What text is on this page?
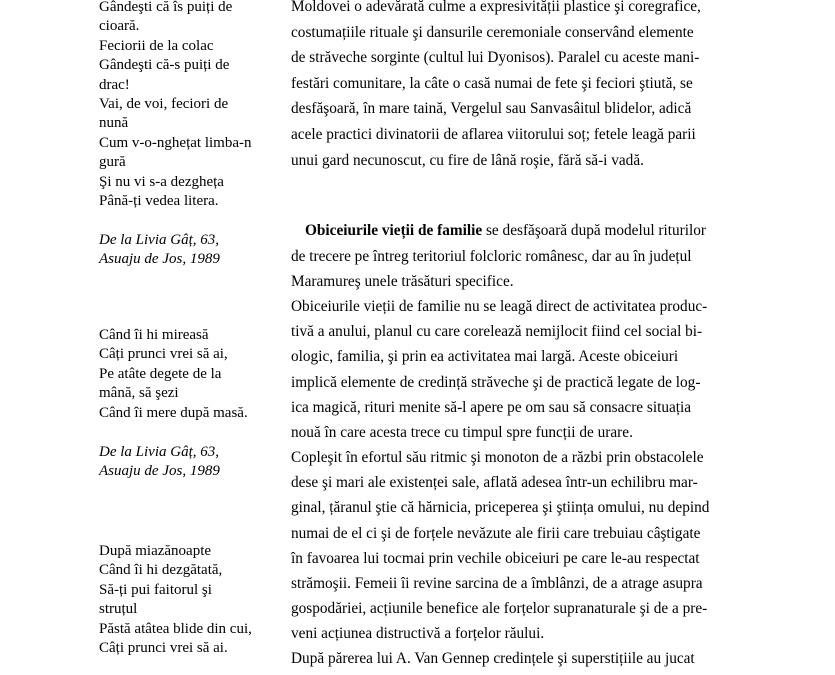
Gândeşti că îs puiți de
cioară.
Feciorii de la colac
Gândeşti că-s puiți de
drac!
Vai, de voi, feciori de
nună
Cum v-o-nghețat limba-n
gură
Şi nu vi s-a dezgheța
Până-ți vedea litera.
De la Livia Gâț, 63,
Asuaju de Jos, 1989
Când îi hi mireasă
Câți prunci vrei să ai,
Pe atâte degete de la
mână, să şezi
Când îi mere după masă.
De la Livia Gâț, 63,
Asuaju de Jos, 1989
După miazănoapte
Când îi hi dezgătată,
Să-ți pui faitorul şi
struțul
Păstă atâtea blide din cui,
Câți prunci vrei să ai.
Moldovei o adevărată culme a expresivității plastice şi coregrafice,
costumațiile rituale şi dansurile ceremoniale conservând elemente
de străveche sorginte (cultul lui Dyonisos). Paralel cu aceste mani-
festări comunitare, la câte o casă numai de fete şi feciori ştiută, se
desfăşoară, în mare taină, Vergelul sau Sanvasâitul blidelor, adică
acele practici divinatorii de aflarea viitorului soț; fetele leagă parii
unui gard necunoscut, cu fire de lână roşie, fără să-i vadă.
Obiceiurile vieții de familie se desfăşoară după modelul riturilor
de trecere pe întreg teritoriul folcloric românesc, dar au în județul
Maramureş unele trăsături specifice.
Obiceiurile vieții de familie nu se leagă direct de activitatea produc-
tivă a anului, planul cu care corelează nemijlocit fiind cel social bi-
ologic, familia, şi prin ea activitatea mai largă. Aceste obiceiuri
implică elemente de credință străveche şi de practică legate de log-
ica magică, rituri menite să-l apere pe om sau să consacre situația
nouă în care acesta trece cu timpul spre funcții de urare.
Copleşit în efortul său ritmic şi monoton de a răzbi prin obstacolele
dese şi mari ale existenței sale, aflată adesea într-un echilibru mar-
ginal, țăranul ştie că hărnicia, priceperea şi ştiința omului, nu depind
numai de el ci şi de forțele nevăzute ale firii care trebuiau câştigate
în favoarea lui tocmai prin vechile obiceiuri pe care le-au respectat
strămoşii. Femeii îi revine sarcina de a îmblânzi, de a atrage asupra
gospodăriei, acțiunile benefice ale forțelor supranaturale şi de a pre-
veni acțiunea distructivă a forțelor răului.
După părerea lui A. Van Gennep credințele şi superstițiile au jucat
